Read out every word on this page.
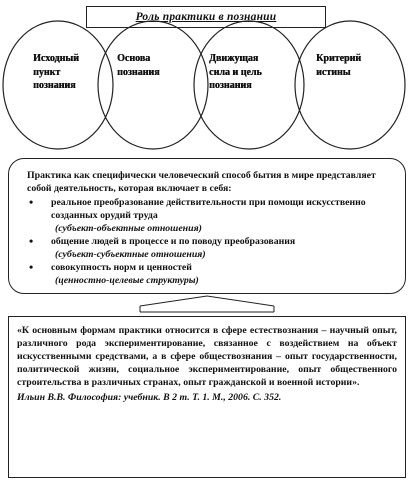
Роль практики в познании
Исходный
пункт
познания
Основа
познания
Движущая
сила и цель
познания
Критерий
истины

Практика как специфически человеческий способ бытия в мире представляет собой деятельность, которая включает в себя:

• реальное преобразование действительности при помощи искусственно созданных орудий труда
(субъект-объектные отношения)
• общение людей в процессе и по поводу преобразования
(субъект-субъектные отношения)
• совокупность норм и ценностей
(ценностно-целевые структуры)
«К основным формам практики относится в сфере естествознания – научный опыт, различного рода экспериментирование, связанное с воздействием на объект искусственными средствами, а в сфере обществознания – опыт государственности, политической жизни, социальное экспериментирование, опыт общественного строительства в различных странах, опыт гражданской и военной истории».
Ильин В.В. Философия: учебник. В 2 т. Т. 1. М., 2006. С. 352.
